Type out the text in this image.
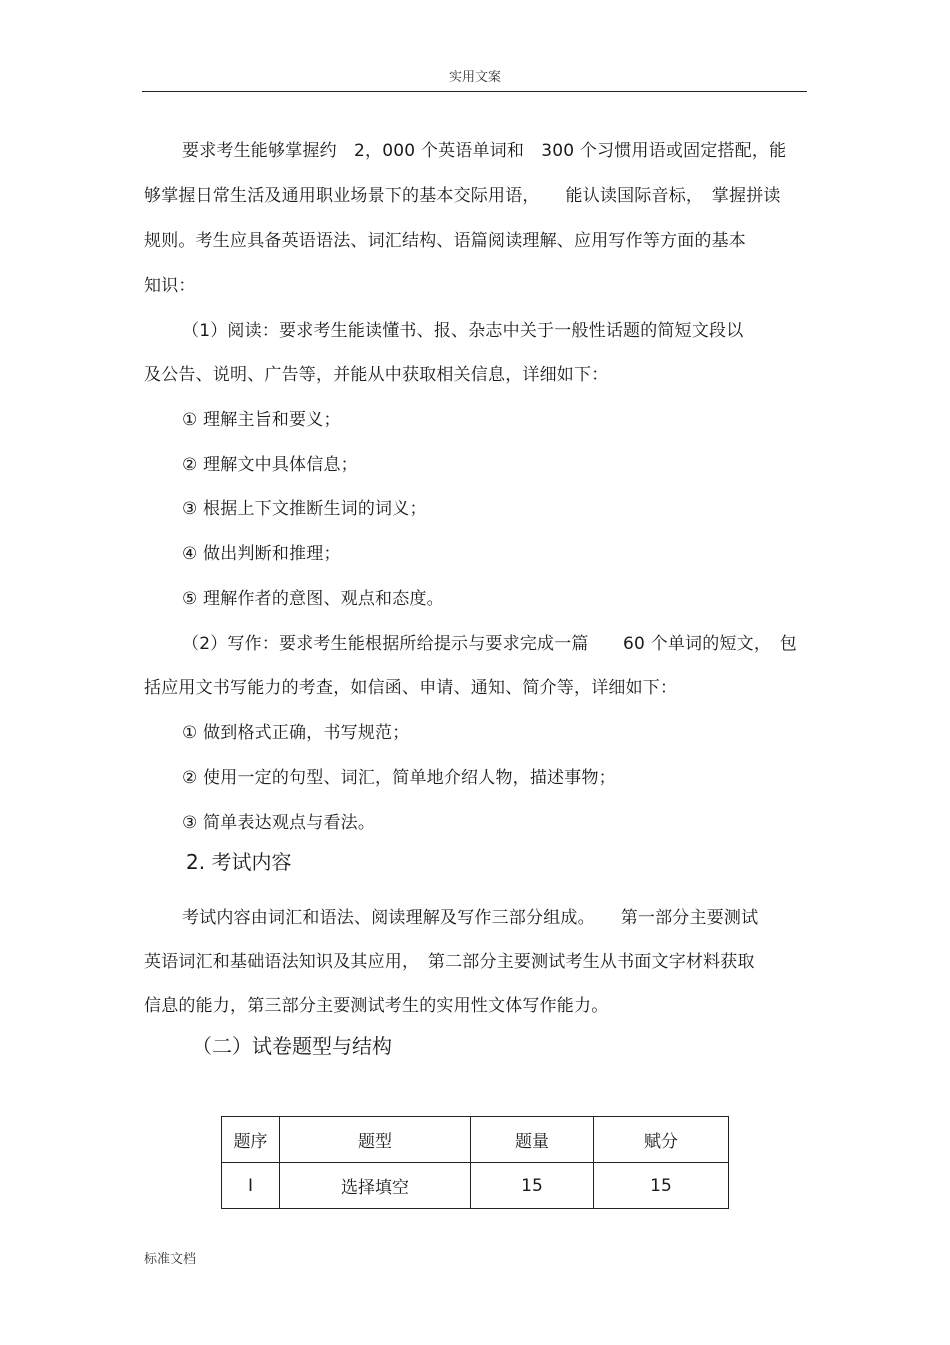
实用文案
要求考生能够掌握约　2，000 个英语单词和　300 个习惯用语或固定搭配，能
够掌握日常生活及通用职业场景下的基本交际用语，　　能认读国际音标，　掌握拼读
规则。考生应具备英语语法、词汇结构、语篇阅读理解、应用写作等方面的基本
知识：
（1）阅读：要求考生能读懂书、报、杂志中关于一般性话题的简短文段以
及公告、说明、广告等，并能从中获取相关信息，详细如下：
① 理解主旨和要义；
② 理解文中具体信息；
③ 根据上下文推断生词的词义；
④ 做出判断和推理；
⑤ 理解作者的意图、观点和态度。
（2）写作：要求考生能根据所给提示与要求完成一篇　　60 个单词的短文，　包
括应用文书写能力的考查，如信函、申请、通知、简介等，详细如下：
① 做到格式正确，书写规范；
② 使用一定的句型、词汇，简单地介绍人物，描述事物；
③ 简单表达观点与看法。
2. 考试内容
考试内容由词汇和语法、阅读理解及写作三部分组成。　　第一部分主要测试
英语词汇和基础语法知识及其应用，　第二部分主要测试考生从书面文字材料获取
信息的能力，第三部分主要测试考生的实用性文体写作能力。
（二）试卷题型与结构
题序	题型	题量	赋分
I	选择填空	15	15
标准文档
